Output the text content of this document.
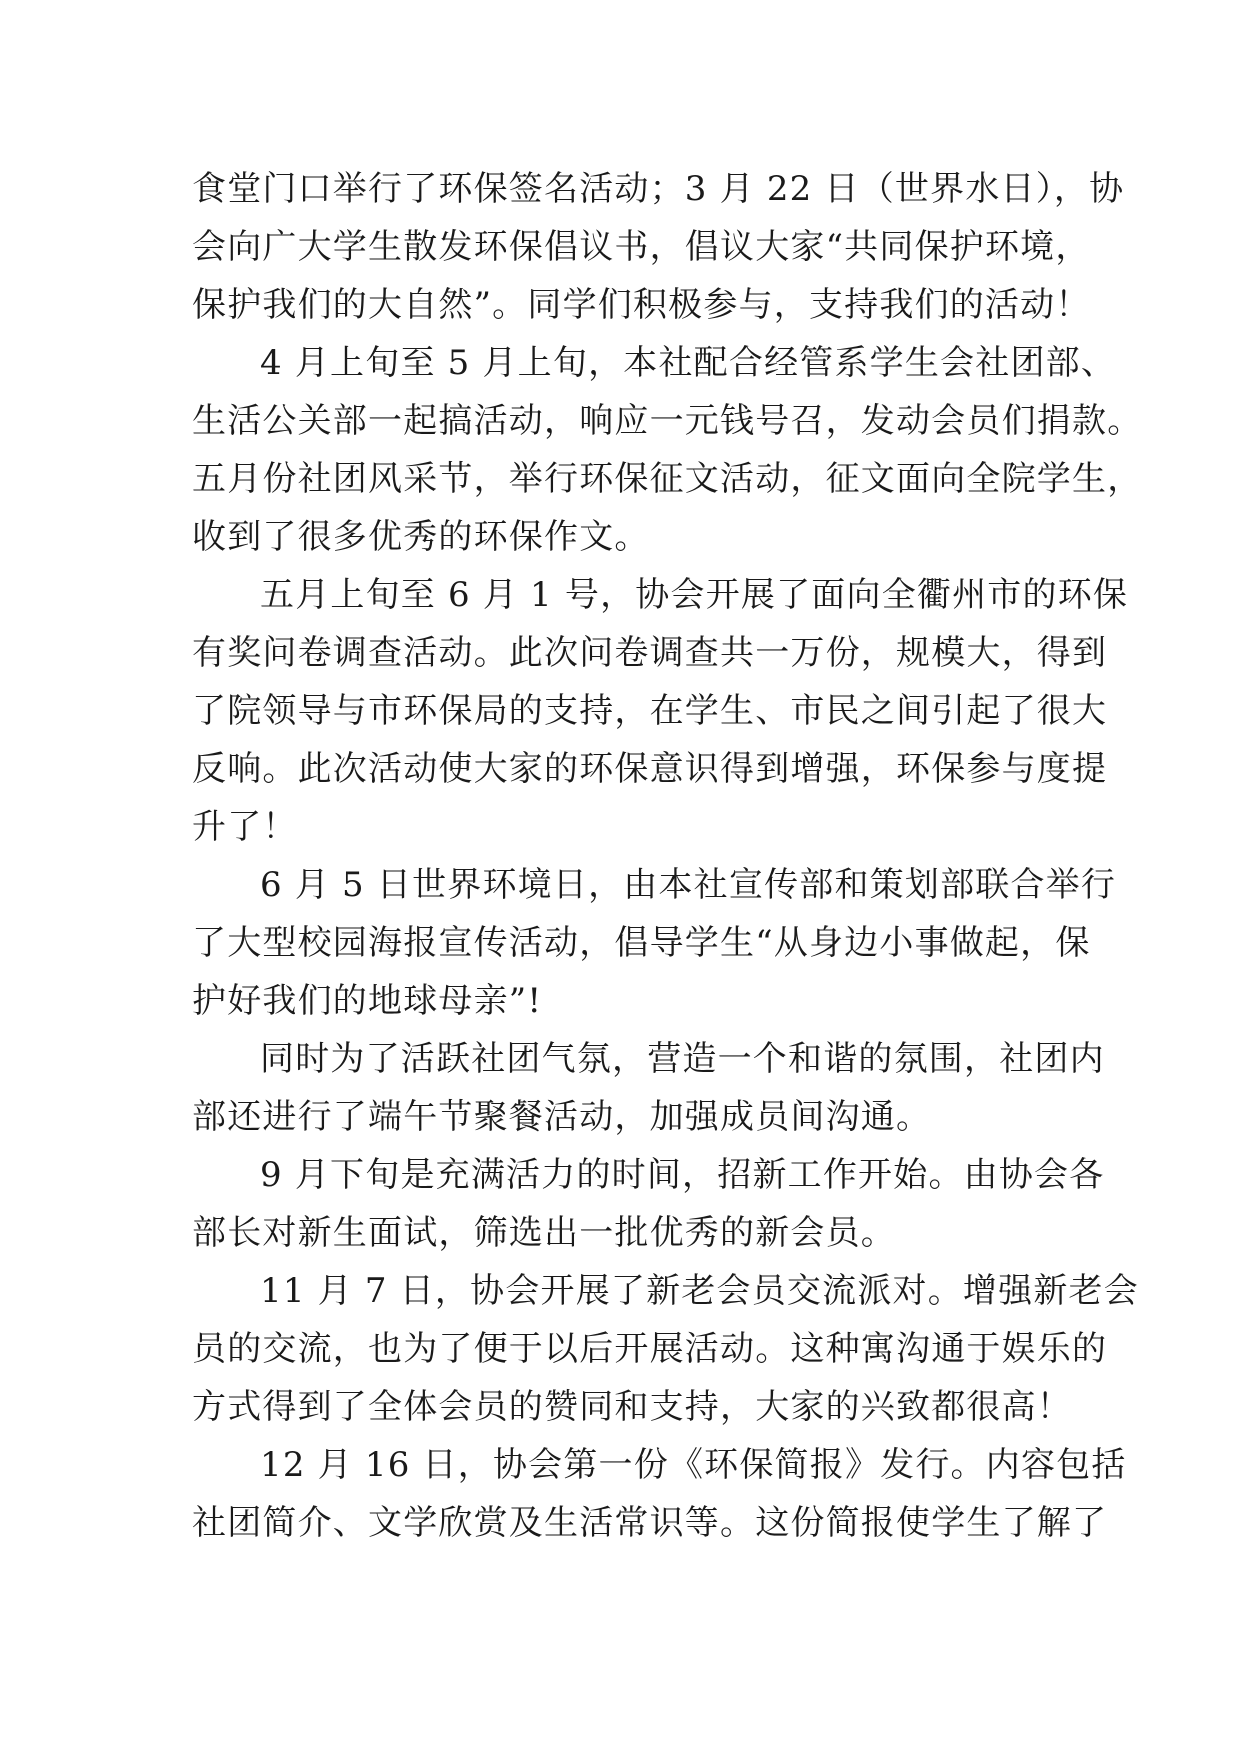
食堂门口举行了环保签名活动；3 月 22 日（世界水日），协
会向广大学生散发环保倡议书，倡议大家“共同保护环境，
保护我们的大自然”。同学们积极参与，支持我们的活动！
4 月上旬至 5 月上旬，本社配合经管系学生会社团部、
生活公关部一起搞活动，响应一元钱号召，发动会员们捐款。
五月份社团风采节，举行环保征文活动，征文面向全院学生，
收到了很多优秀的环保作文。
五月上旬至 6 月 1 号，协会开展了面向全衢州市的环保
有奖问卷调查活动。此次问卷调查共一万份，规模大，得到
了院领导与市环保局的支持，在学生、市民之间引起了很大
反响。此次活动使大家的环保意识得到增强，环保参与度提
升了！
6 月 5 日世界环境日，由本社宣传部和策划部联合举行
了大型校园海报宣传活动，倡导学生“从身边小事做起，保
护好我们的地球母亲”!
同时为了活跃社团气氛，营造一个和谐的氛围，社团内
部还进行了端午节聚餐活动，加强成员间沟通。
9 月下旬是充满活力的时间，招新工作开始。由协会各
部长对新生面试，筛选出一批优秀的新会员。
11 月 7 日，协会开展了新老会员交流派对。增强新老会
员的交流，也为了便于以后开展活动。这种寓沟通于娱乐的
方式得到了全体会员的赞同和支持，大家的兴致都很高！
12 月 16 日，协会第一份《环保简报》发行。内容包括
社团简介、文学欣赏及生活常识等。这份简报使学生了解了
